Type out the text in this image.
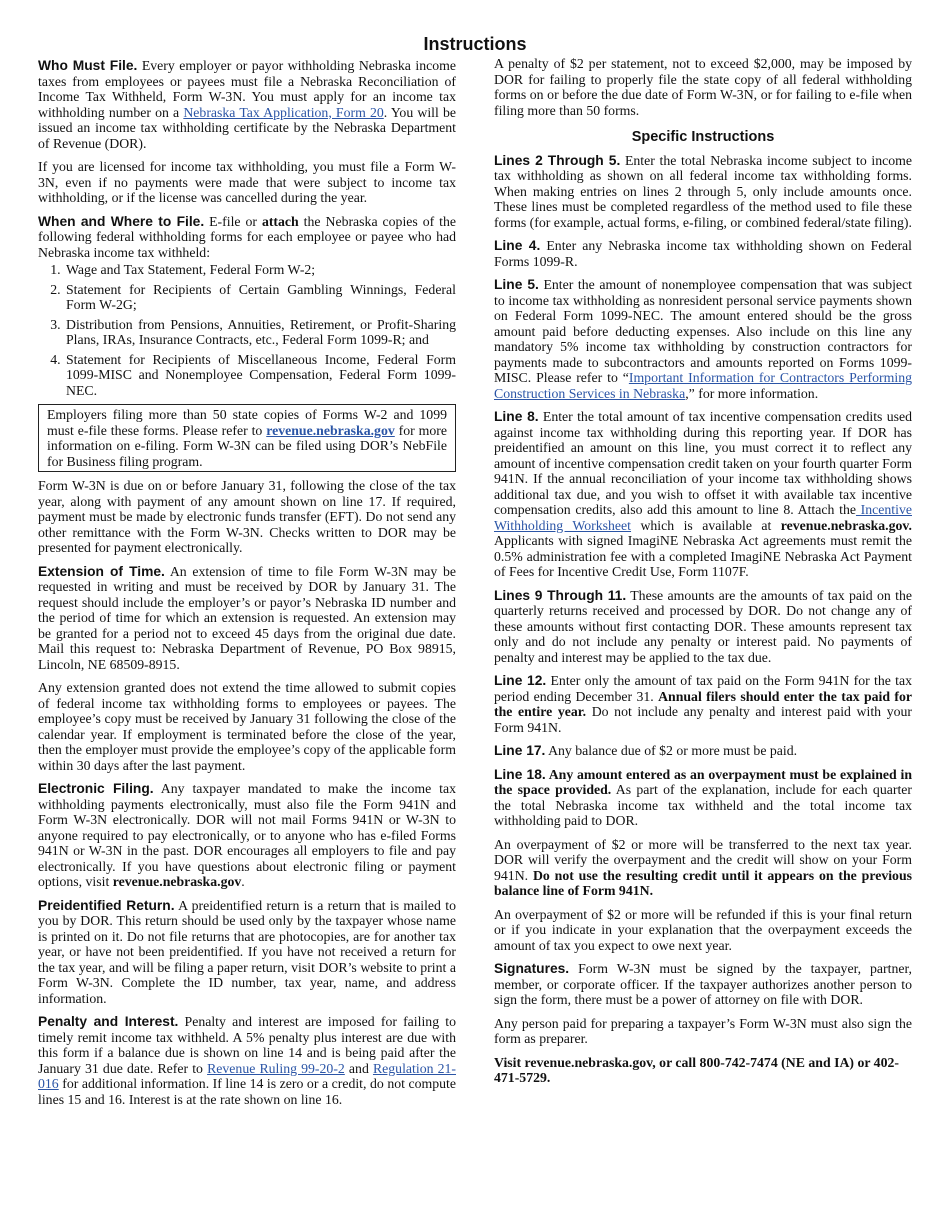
Instructions

Who Must File. Every employer or payor withholding Nebraska income taxes from employees or payees must file a Nebraska Reconciliation of Income Tax Withheld, Form W-3N. You must apply for an income tax withholding number on a Nebraska Tax Application, Form 20. You will be issued an income tax withholding certificate by the Nebraska Department of Revenue (DOR).

If you are licensed for income tax withholding, you must file a Form W-3N, even if no payments were made that were subject to income tax withholding, or if the license was cancelled during the year.

When and Where to File. E-file or attach the Nebraska copies of the following federal withholding forms for each employee or payee who had Nebraska income tax withheld:

1. Wage and Tax Statement, Federal Form W-2;
2. Statement for Recipients of Certain Gambling Winnings, Federal Form W-2G;
3. Distribution from Pensions, Annuities, Retirement, or Profit-Sharing Plans, IRAs, Insurance Contracts, etc., Federal Form 1099-R; and
4. Statement for Recipients of Miscellaneous Income, Federal Form 1099-MISC and Nonemployee Compensation, Federal Form 1099-NEC.
Employers filing more than 50 state copies of Forms W-2 and 1099 must e-file these forms. Please refer to revenue.nebraska.gov for more information on e-filing. Form W-3N can be filed using DOR’s NebFile for Business filing program.

Form W-3N is due on or before January 31, following the close of the tax year, along with payment of any amount shown on line 17. If required, payment must be made by electronic funds transfer (EFT). Do not send any other remittance with the Form W-3N. Checks written to DOR may be presented for payment electronically.

Extension of Time. An extension of time to file Form W-3N may be requested in writing and must be received by DOR by January 31. The request should include the employer’s or payor’s Nebraska ID number and the period of time for which an extension is requested. An extension may be granted for a period not to exceed 45 days from the original due date. Mail this request to: Nebraska Department of Revenue, PO Box 98915, Lincoln, NE 68509-8915.

Any extension granted does not extend the time allowed to submit copies of federal income tax withholding forms to employees or payees. The employee’s copy must be received by January 31 following the close of the calendar year. If employment is terminated before the close of the year, then the employer must provide the employee’s copy of the applicable form within 30 days after the last payment.

Electronic Filing. Any taxpayer mandated to make the income tax withholding payments electronically, must also file the Form 941N and Form W-3N electronically. DOR will not mail Forms 941N or W-3N to anyone required to pay electronically, or to anyone who has e-filed Forms 941N or W-3N in the past. DOR encourages all employers to file and pay electronically. If you have questions about electronic filing or payment options, visit revenue.nebraska.gov.

Preidentified Return. A preidentified return is a return that is mailed to you by DOR. This return should be used only by the taxpayer whose name is printed on it. Do not file returns that are photocopies, are for another tax year, or have not been preidentified. If you have not received a return for the tax year, and will be filing a paper return, visit DOR’s website to print a Form W-3N. Complete the ID number, tax year, name, and address information.

Penalty and Interest. Penalty and interest are imposed for failing to timely remit income tax withheld. A 5% penalty plus interest are due with this form if a balance due is shown on line 14 and is being paid after the January 31 due date. Refer to Revenue Ruling 99-20-2 and Regulation 21-016 for additional information. If line 14 is zero or a credit, do not compute lines 15 and 16. Interest is at the rate shown on line 16.

A penalty of $2 per statement, not to exceed $2,000, may be imposed by DOR for failing to properly file the state copy of all federal withholding forms on or before the due date of Form W-3N, or for failing to e-file when filing more than 50 forms.

Specific Instructions

Lines 2 Through 5. Enter the total Nebraska income subject to income tax withholding as shown on all federal income tax withholding forms. When making entries on lines 2 through 5, only include amounts once. These lines must be completed regardless of the method used to file these forms (for example, actual forms, e-filing, or combined federal/state filing).

Line 4. Enter any Nebraska income tax withholding shown on Federal Forms 1099-R.

Line 5. Enter the amount of nonemployee compensation that was subject to income tax withholding as nonresident personal service payments shown on Federal Form 1099-NEC. The amount entered should be the gross amount paid before deducting expenses. Also include on this line any mandatory 5% income tax withholding by construction contractors for payments made to subcontractors and amounts reported on Forms 1099-MISC. Please refer to “Important Information for Contractors Performing Construction Services in Nebraska,” for more information.

Line 8. Enter the total amount of tax incentive compensation credits used against income tax withholding during this reporting year. If DOR has preidentified an amount on this line, you must correct it to reflect any amount of incentive compensation credit taken on your fourth quarter Form 941N. If the annual reconciliation of your income tax withholding shows additional tax due, and you wish to offset it with available tax incentive compensation credits, also add this amount to line 8. Attach the Incentive Withholding Worksheet which is available at revenue.nebraska.gov. Applicants with signed ImagiNE Nebraska Act agreements must remit the 0.5% administration fee with a completed ImagiNE Nebraska Act Payment of Fees for Incentive Credit Use, Form 1107F.

Lines 9 Through 11. These amounts are the amounts of tax paid on the quarterly returns received and processed by DOR. Do not change any of these amounts without first contacting DOR. These amounts represent tax only and do not include any penalty or interest paid. No payments of penalty and interest may be applied to the tax due.

Line 12. Enter only the amount of tax paid on the Form 941N for the tax period ending December 31. Annual filers should enter the tax paid for the entire year. Do not include any penalty and interest paid with your Form 941N.

Line 17. Any balance due of $2 or more must be paid.

Line 18. Any amount entered as an overpayment must be explained in the space provided. As part of the explanation, include for each quarter the total Nebraska income tax withheld and the total income tax withholding paid to DOR.

An overpayment of $2 or more will be transferred to the next tax year. DOR will verify the overpayment and the credit will show on your Form 941N. Do not use the resulting credit until it appears on the previous balance line of Form 941N.

An overpayment of $2 or more will be refunded if this is your final return or if you indicate in your explanation that the overpayment exceeds the amount of tax you expect to owe next year.

Signatures. Form W-3N must be signed by the taxpayer, partner, member, or corporate officer. If the taxpayer authorizes another person to sign the form, there must be a power of attorney on file with DOR.

Any person paid for preparing a taxpayer’s Form W-3N must also sign the form as preparer.

Visit revenue.nebraska.gov, or call 800-742-7474 (NE and IA) or 402-471-5729.
